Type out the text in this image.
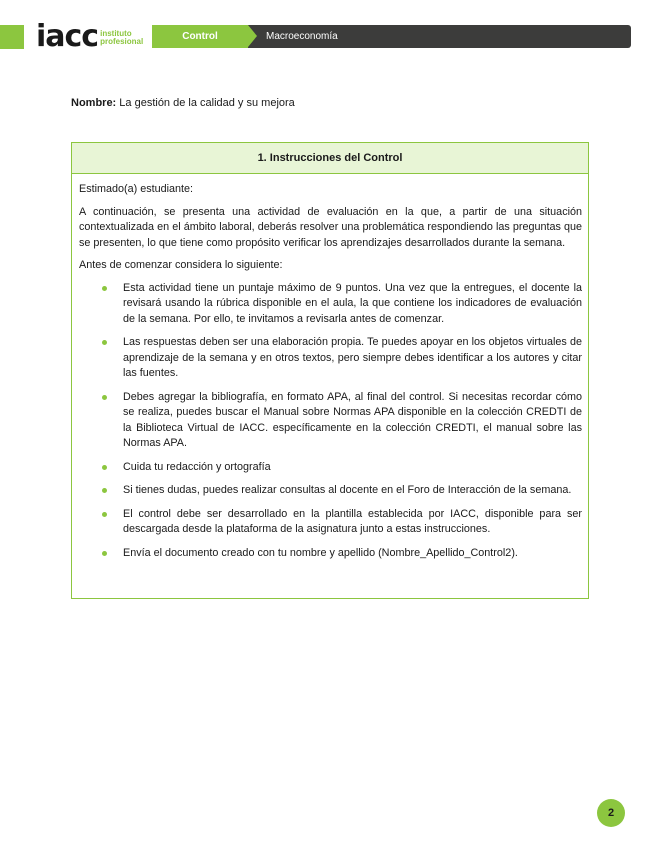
iacc instituto
profesional	Control	Macroeconomía
Nombre: La gestión de la calidad y su mejora
1. Instrucciones del Control

Estimado(a) estudiante:

A continuación, se presenta una actividad de evaluación en la que, a partir de una situación contextualizada en el ámbito laboral, deberás resolver una problemática respondiendo las preguntas que se presenten, lo que tiene como propósito verificar los aprendizajes desarrollados durante la semana.

Antes de comenzar considera lo siguiente:

Esta actividad tiene un puntaje máximo de 9 puntos. Una vez que la entregues, el docente la revisará usando la rúbrica disponible en el aula, la que contiene los indicadores de evaluación de la semana. Por ello, te invitamos a revisarla antes de comenzar.
Las respuestas deben ser una elaboración propia. Te puedes apoyar en los objetos virtuales de aprendizaje de la semana y en otros textos, pero siempre debes identificar a los autores y citar las fuentes.
Debes agregar la bibliografía, en formato APA, al final del control. Si necesitas recordar cómo se realiza, puedes buscar el Manual sobre Normas APA disponible en la colección CREDTI de la Biblioteca Virtual de IACC. específicamente en la colección CREDTI, el manual sobre las Normas APA.
Cuida tu redacción y ortografía
Si tienes dudas, puedes realizar consultas al docente en el Foro de Interacción de la semana.
El control debe ser desarrollado en la plantilla establecida por IACC, disponible para ser descargada desde la plataforma de la asignatura junto a estas instrucciones.
Envía el documento creado con tu nombre y apellido (Nombre_Apellido_Control2).
2
